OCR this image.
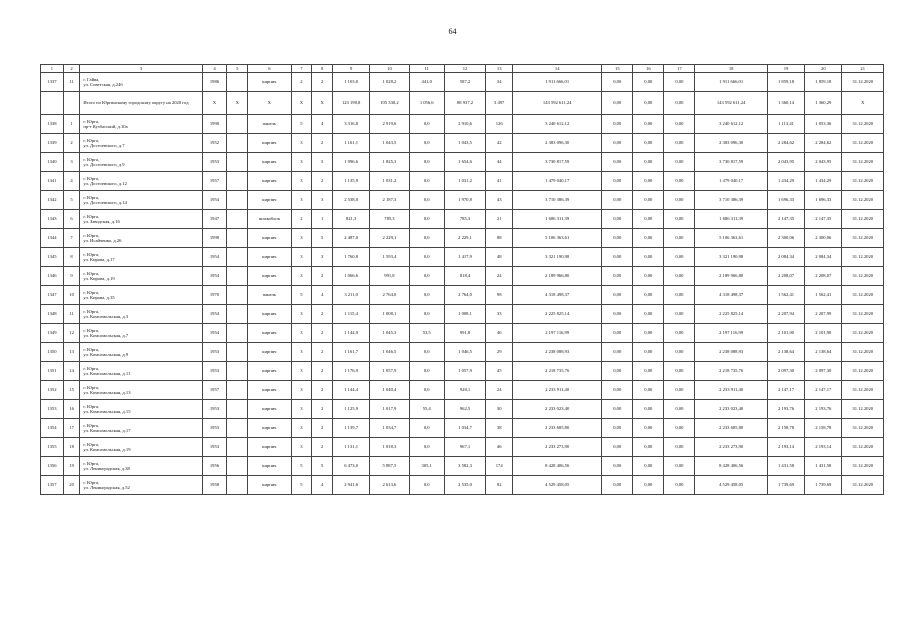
64
1	2	3	4	5	6	7	8	9	10	11	12	13	14	15	16	17	18	19	20	21
1337	11	г. Гайва,
ул. Советская, д.24б	1986		кирпич	2	2	1 103,0	1 028,2	441,0	587,2	34	1 911 666,01	0,00	0,00	0,00	1 911 666,01	1 859,18	1 859,18	31.12.2020
		Итого по Юргинскому городскому округу на 2020 год	X	X	X	X	X	123 198,8	105 330,2	1 056,6	88 937,2	3 497	143 592 611,24	0,00	0,00	0,00	143 592 611,24	1 360,14	1 360,29	X
1338	1	г. Юрга,
пр-т Кузбасский, д.10а	1990		панель	5	4	3 316,8	2 919,6	0,0	2 910,6	126	3 240 612,12	0,00	0,00	0,00	3 240 612,12	1 113,41	1 053,36	31.12.2020
1339	2	г. Юрга,
ул. Достоевского, д.7	1952		кирпич	3	2	1 161,1	1 043,5	0,0	1 043,5	42	2 383 096,30	0,00	0,00	0,00	2 383 096,30	2 284,62	2 284,62	31.12.2020
1340	3	г. Юрга,
ул. Достоевского, д.9	1953		кирпич	3	3	1 996,6	1 825,3	0,0	1 654,6	44	3 730 817,59	0,00	0,00	0,00	3 730 817,59	2 043,95	2 043,95	31.12.2020
1341	4	г. Юрга,
ул. Достоевского, д.12	1957		кирпич	3	2	1 135,9	1 031,2	0,0	1 031,2	41	1 479 040,17	0,00	0,00	0,00	1 479 040,17	1 434,29	1 434,29	31.12.2020
1342	5	г. Юрга,
ул. Достоевского, д.14	1954		кирпич	3	3	2 538,0	2 187,3	0,0	1 970,8	43	3 710 386,39	0,00	0,00	0,00	3 710 386,39	1 696,33	1 696,33	31.12.2020
1343	6	г. Юрга,
ул. Заводская, д.16	1947		шлакоблок	2	1	821,3	785,3	0,0	785,3	21	1 686 311,39	0,00	0,00	0,00	1 686 311,39	2 147,35	2 147,35	31.12.2020
1344	7	г. Юрга,
ул. Исайченко, д.26	1998		кирпич	3	5	2 487,0	2 229,1	0,0	2 229,1	88	5 106 363,61	0,00	0,00	0,00	5 106 363,61	2 300,06	2 300,06	31.12.2020
1345	8	г. Юрга,
ул. Кирова, д.17	1954		кирпич	3	3	1 760,8	1 593,4	0,0	1 417,9	48	3 321 190,98	0,00	0,00	0,00	3 321 190,98	2 084,34	2 084,34	31.12.2020
1346	9	г. Юрга,
ул. Кирова, д.19	1954		кирпич	3	2	1 066,6	991,8	0,0	818,4	24	2 189 966,80	0,00	0,00	0,00	2 189 966,80	2 208,07	2 208,07	31.12.2020
1347	10	г. Юрга,
ул. Кирова, д.35	1970		панель	5	4	3 211,0	2 764,0	0,0	2 764,0	98	4 318 498,37	0,00	0,00	0,00	4 318 498,37	1 562,41	1 562,41	31.12.2020
1348	11	г. Юрга,
ул. Комсомольская, д.3	1954		кирпич	3	2	1 115,4	1 008,1	0,0	1 008,1	33	2 225 825,14	0,00	0,00	0,00	2 225 825,14	2 207,94	2 207,99	31.12.2020
1349	12	г. Юрга,
ул. Комсомольская, д.7	1954		кирпич	3	2	1 144,9	1 045,3	53,5	991,8	46	2 197 116,99	0,00	0,00	0,00	2 197 116,99	2 101,90	2 101,90	31.12.2020
1350	13	г. Юрга,
ул. Комсомольская, д.9	1953		кирпич	3	2	1 161,7	1 046,5	0,0	1 046,5	29	2 238 088,93	0,00	0,00	0,00	2 238 088,93	2 138,64	2 138,64	31.12.2020
1351	14	г. Юрга,
ул. Комсомольская, д.11	1953		кирпич	3	2	1 176,9	1 057,9	0,0	1 057,9	45	2 218 735,76	0,00	0,00	0,00	2 218 735,76	2 097,30	2 097,30	31.12.2020
1352	15	г. Юрга,
ул. Комсомольская, д.13	1957		кирпич	3	2	1 144,4	1 040,4	0,0	928,1	24	2 233 911,40	0,00	0,00	0,00	2 233 911,40	2 147,17	2 147,17	31.12.2020
1353	16	г. Юрга,
ул. Комсомольская, д.15	1953		кирпич	3	2	1 125,9	1 017,9	55,4	962,5	30	2 233 023,40	0,00	0,00	0,00	2 233 023,40	2 193,76	2 193,76	31.12.2020
1354	17	г. Юрга,
ул. Комсомольская, д.17	1953		кирпич	3	2	1 139,7	1 034,7	0,0	1 034,7	38	2 233 685,80	0,00	0,00	0,00	2 233 685,80	2 158,78	2 158,78	31.12.2020
1355	18	г. Юрга,
ул. Комсомольская, д.19	1953		кирпич	3	2	1 131,1	1 018,3	0,0	967,1	46	2 233 273,90	0,00	0,00	0,00	2 233 273,90	2 193,14	2 193,14	31.12.2020
1356	19	г. Юрга,
ул. Ленинградская, д.38	1956		кирпич	5	5	6 473,0	5 887,5	305,1	3 582,3	174	8 428 406,56	0,00	0,00	0,00	8 428 406,56	1 431,58	1 431,58	31.12.2020
1357	20	г. Юрга,
ул. Ленинградская, д.52	1958		кирпич	5	4	2 941,6	2 613,6	0,0	2 535,0	82	4 529 458,05	0,00	0,00	0,00	4 529 458,05	1 739,69	1 739,69	31.12.2020
